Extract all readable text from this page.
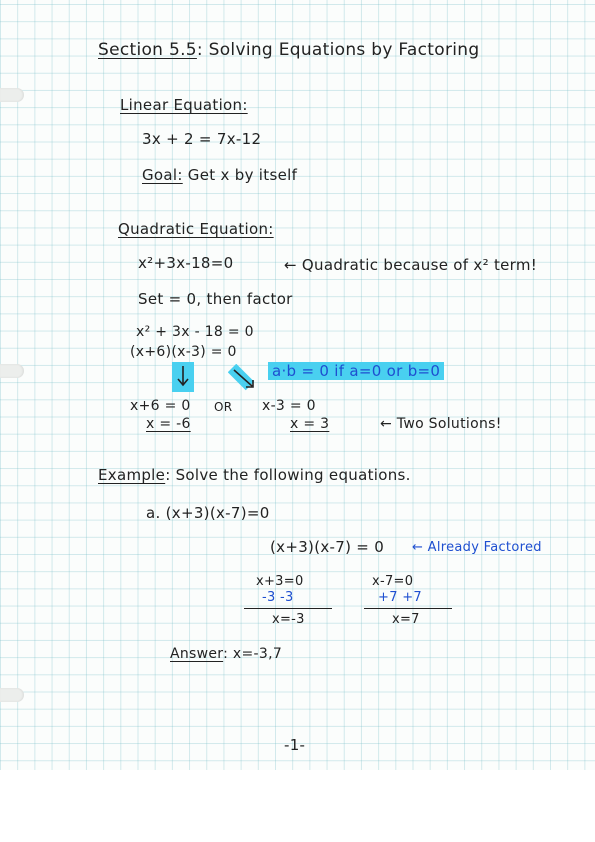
Section 5.5: Solving Equations by Factoring
Linear Equation:
3x + 2 = 7x-12
Goal: Get x by itself
Quadratic Equation:
x²+3x-18=0	← Quadratic because of x² term!
Set = 0, then factor
x² + 3x - 18 = 0
(x+6)(x-3) = 0
a·b = 0 if a=0 or b=0
x+6 = 0 OR x-3 = 0
x = -6	x = 3	← Two Solutions!
Example: Solve the following equations.
a. (x+3)(x-7)=0
(x+3)(x-7) = 0 ← Already Factored
x+3=0
-3 -3
x=-3
x-7=0
+7 +7
x=7
Answer: x=-3,7
-1-
